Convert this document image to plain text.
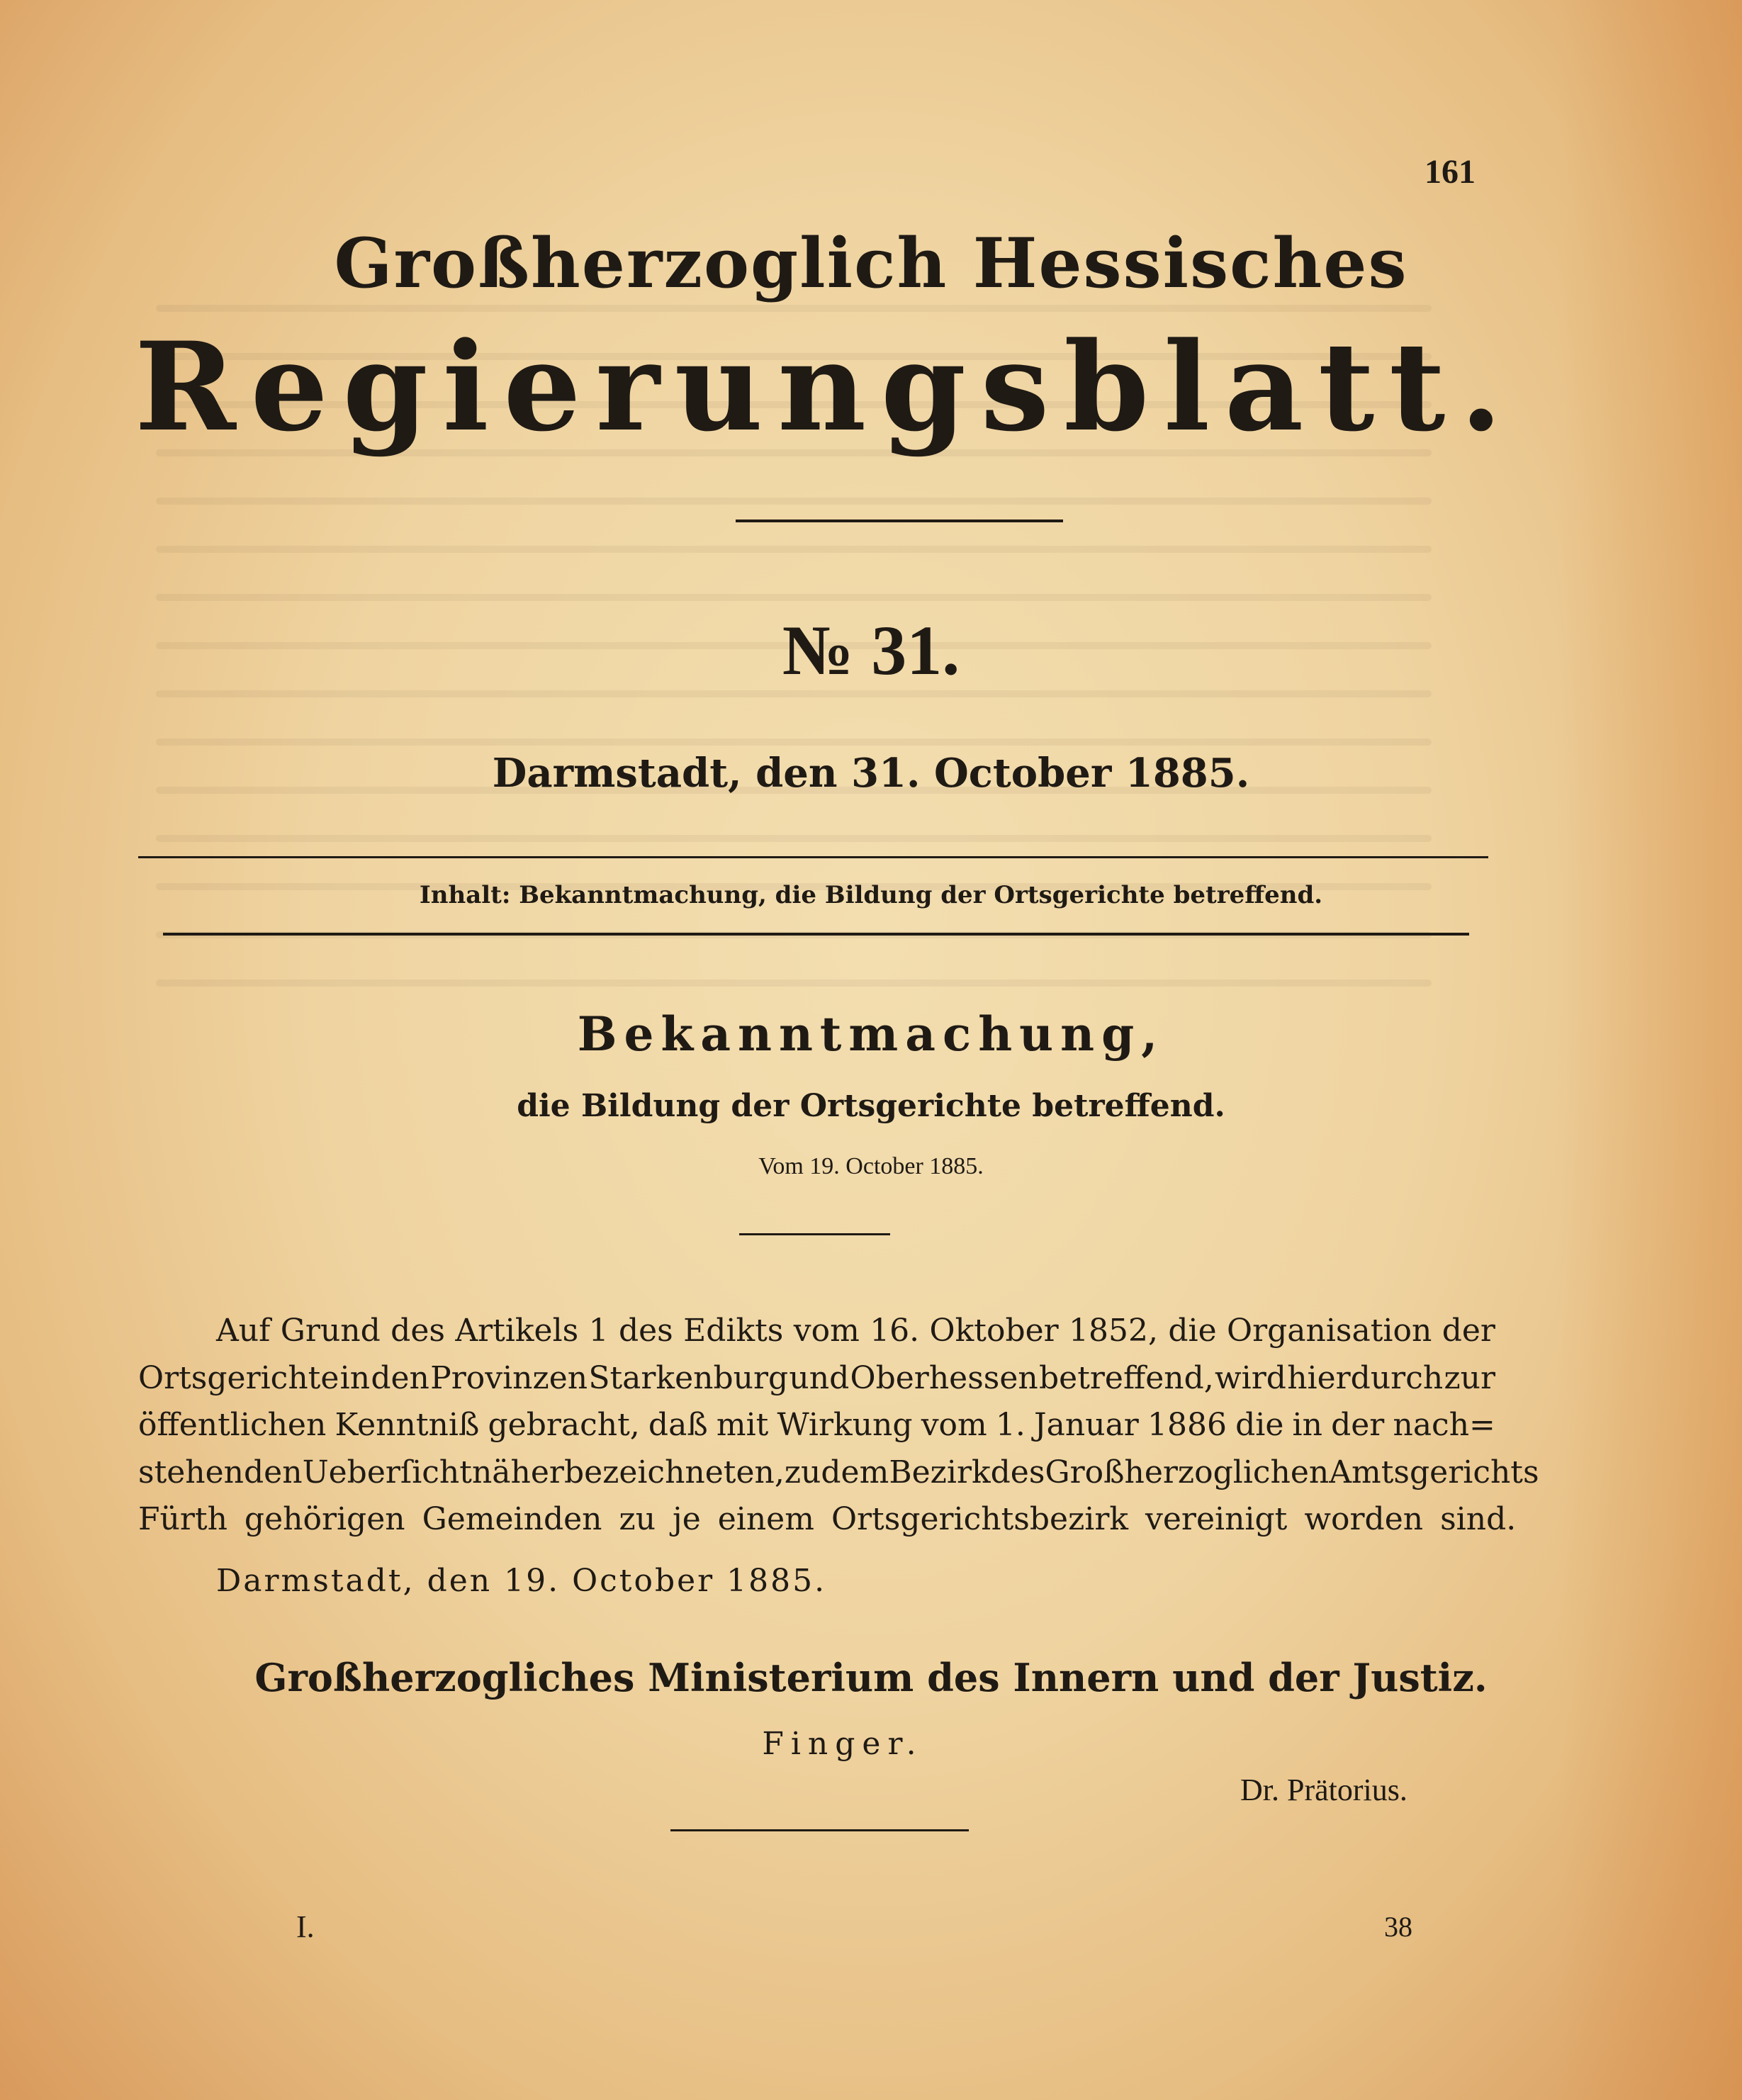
161
Großherzoglich Hessisches
R e g i e r u n g s b l a t t .
№ 31.
Darmstadt, den 31. October 1885.
Inhalt: Bekanntmachung, die Bildung der Ortsgerichte betreffend.
Bekanntmachung,
die Bildung der Ortsgerichte betreffend.
Vom 19. October 1885.
Auf Grund des Artikels 1 des Edikts vom 16. Oktober 1852, die Organisation der
Ortsgerichte in den Provinzen Starkenburg und Oberhessen betreffend, wird hierdurch zur
öffentlichen Kenntniß gebracht, daß mit Wirkung vom 1. Januar 1886 die in der nach=
stehenden Ueberſicht näher bezeichneten, zu dem Bezirk des Großherzoglichen Amtsgerichts
Fürth gehörigen Gemeinden zu je einem Ortsgerichtsbezirk vereinigt worden sind.
Darmstadt, den 19. October 1885.
Großherzogliches Ministerium des Innern und der Justiz.
Finger.
Dr. Prätorius.
I.	38
